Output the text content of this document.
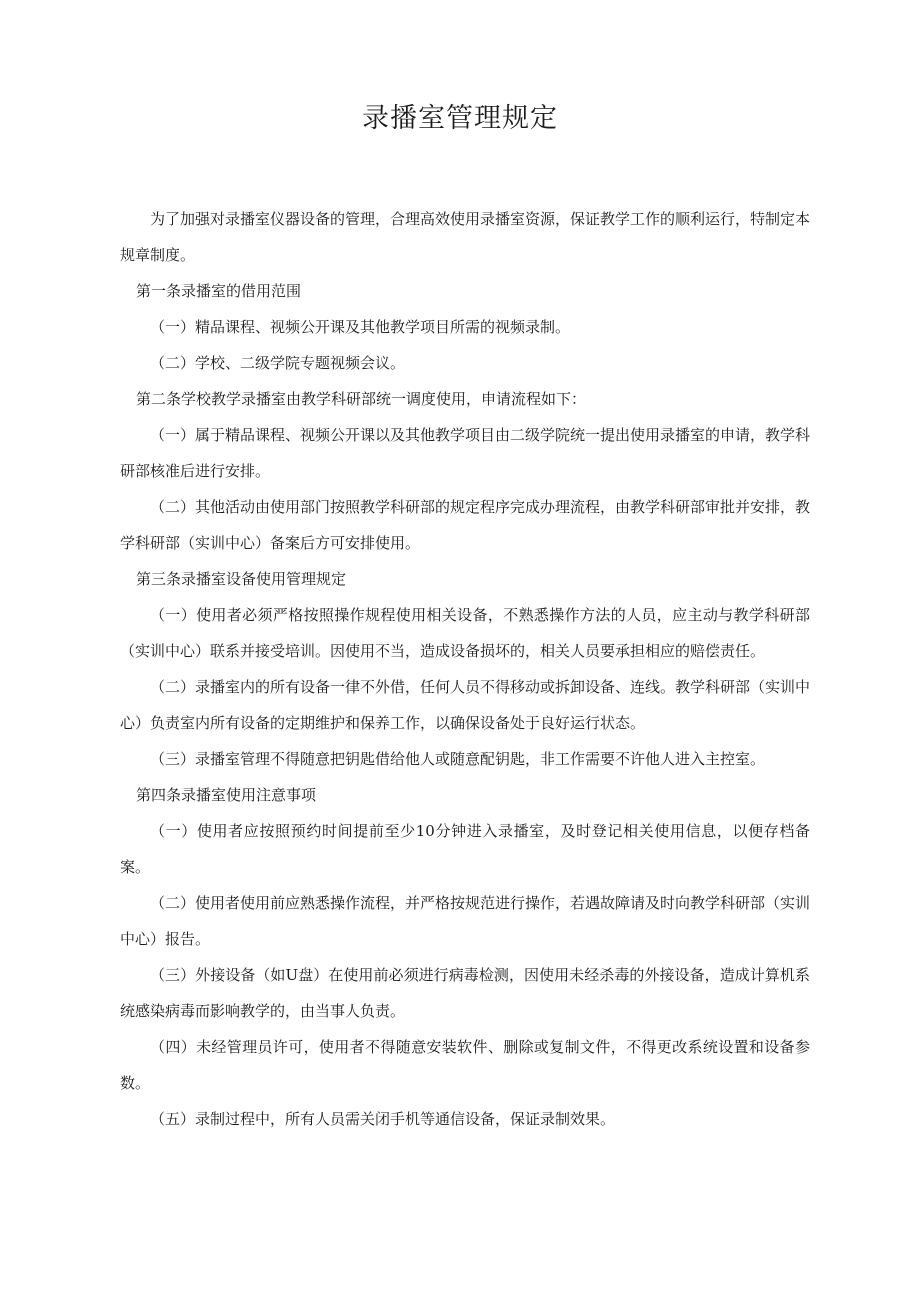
录播室管理规定

为了加强对录播室仪器设备的管理，合理高效使用录播室资源，保证教学工作的顺利运行，特制定本规章制度。

第一条录播室的借用范围

（一）精品课程、视频公开课及其他教学项目所需的视频录制。

（二）学校、二级学院专题视频会议。

第二条学校教学录播室由教学科研部统一调度使用，申请流程如下：

（一）属于精品课程、视频公开课以及其他教学项目由二级学院统一提出使用录播室的申请，教学科研部核准后进行安排。

（二）其他活动由使用部门按照教学科研部的规定程序完成办理流程，由教学科研部审批并安排，教学科研部（实训中心）备案后方可安排使用。

第三条录播室设备使用管理规定

（一）使用者必须严格按照操作规程使用相关设备，不熟悉操作方法的人员，应主动与教学科研部（实训中心）联系并接受培训。因使用不当，造成设备损坏的，相关人员要承担相应的赔偿责任。

（二）录播室内的所有设备一律不外借，任何人员不得移动或拆卸设备、连线。教学科研部（实训中心）负责室内所有设备的定期维护和保养工作，以确保设备处于良好运行状态。

（三）录播室管理不得随意把钥匙借给他人或随意配钥匙，非工作需要不许他人进入主控室。

第四条录播室使用注意事项

（一）使用者应按照预约时间提前至少10分钟进入录播室，及时登记相关使用信息，以便存档备案。

（二）使用者使用前应熟悉操作流程，并严格按规范进行操作，若遇故障请及时向教学科研部（实训中心）报告。

（三）外接设备（如U盘）在使用前必须进行病毒检测，因使用未经杀毒的外接设备，造成计算机系统感染病毒而影响教学的，由当事人负责。

（四）未经管理员许可，使用者不得随意安装软件、删除或复制文件，不得更改系统设置和设备参数。

（五）录制过程中，所有人员需关闭手机等通信设备，保证录制效果。
